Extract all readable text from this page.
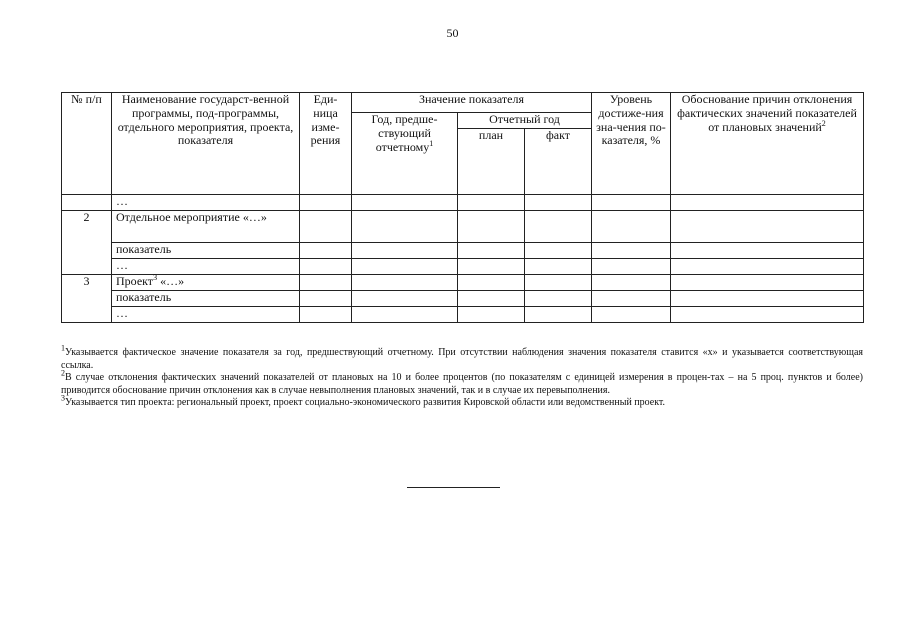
50
№ п/п	Наименование государст-венной программы, под-программы, отдельного мероприятия, проекта, показателя	Еди-ница изме-рения	Значение показателя			Уровень достиже-ния зна-чения по-казателя, %	Обоснование причин отклонения фактических значений показателей от плановых значений$^2$
			Год, предше-ствующий отчетному$^1$	Отчетный год			
				план	факт		
	…						
2	Отдельное мероприятие «…»						
	показатель						
	…						
3	Проект$^3$ «…»						
	показатель						
	…						

$^1$Указывается фактическое значение показателя за год, предшествующий отчетному. При отсутствии наблюдения значения показателя ставится «х» и указывается соответствующая ссылка.

$^2$В случае отклонения фактических значений показателей от плановых на 10 и более процентов (по показателям с единицей измерения в процен-тах – на 5 проц. пунктов и более) приводится обоснование причин отклонения как в случае невыполнения плановых значений, так и в случае их перевыполнения.

$^3$Указывается тип проекта: региональный проект, проект социально-экономического развития Кировской области или ведомственный проект.
